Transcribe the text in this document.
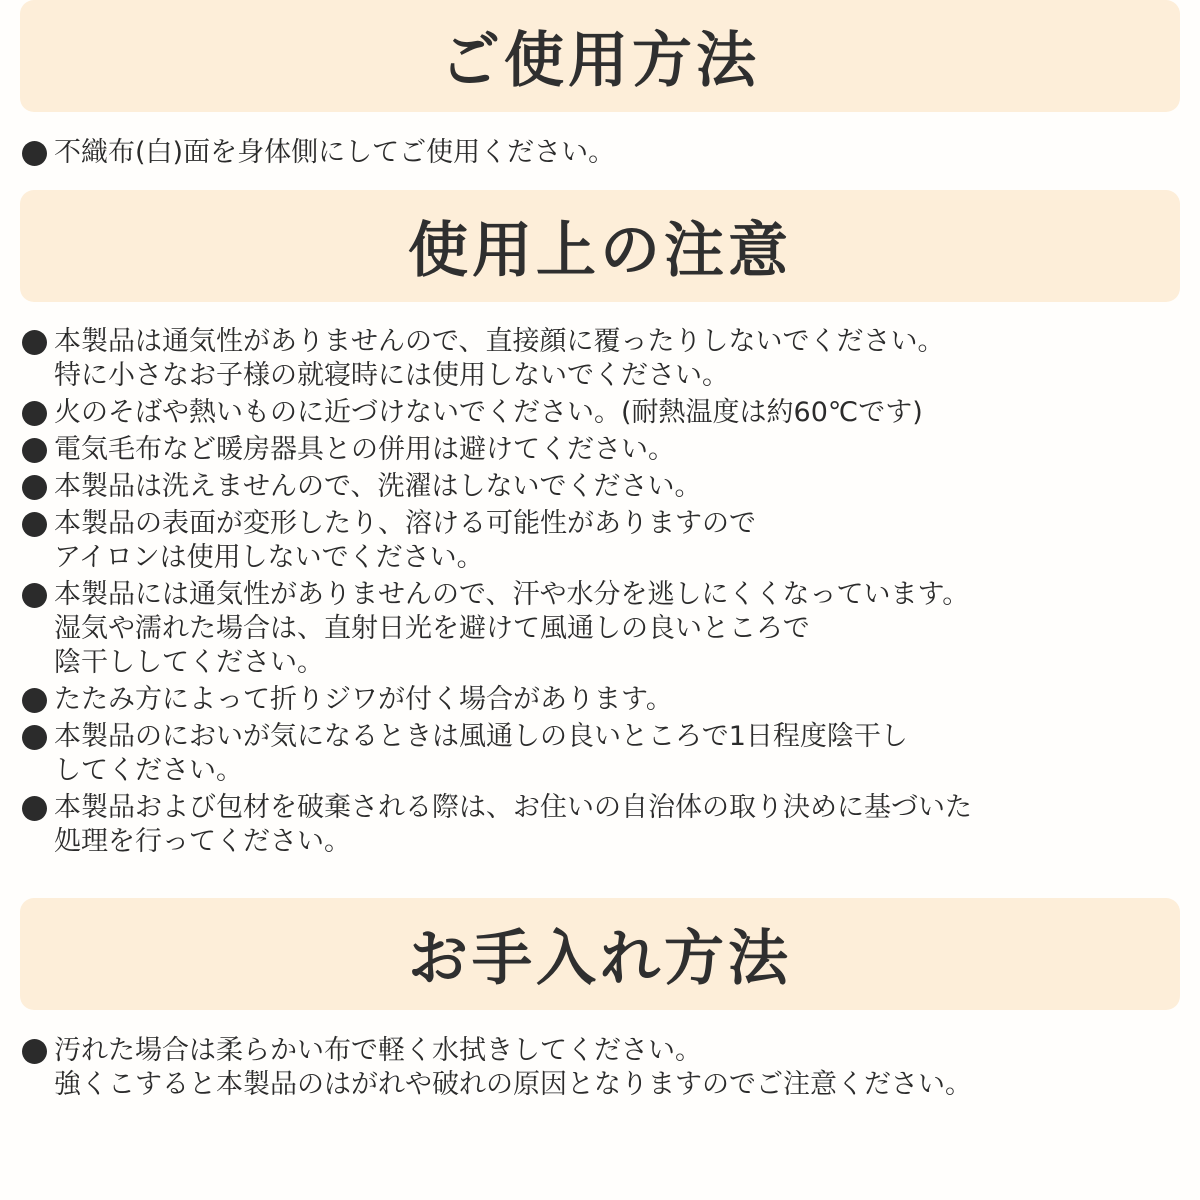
ご使用方法
不織布(白)面を身体側にしてご使用ください。
使用上の注意
本製品は通気性がありませんので、直接顔に覆ったりしないでください。
特に小さなお子様の就寝時には使用しないでください。
火のそばや熱いものに近づけないでください。(耐熱温度は約60℃です)
電気毛布など暖房器具との併用は避けてください。
本製品は洗えませんので、洗濯はしないでください。
本製品の表面が変形したり、溶ける可能性がありますので
アイロンは使用しないでください。
本製品には通気性がありませんので、汗や水分を逃しにくくなっています。
湿気や濡れた場合は、直射日光を避けて風通しの良いところで
陰干ししてください。
たたみ方によって折りジワが付く場合があります。
本製品のにおいが気になるときは風通しの良いところで1日程度陰干し
してください。
本製品および包材を破棄される際は、お住いの自治体の取り決めに基づいた
処理を行ってください。
お手入れ方法
汚れた場合は柔らかい布で軽く水拭きしてください。
強くこすると本製品のはがれや破れの原因となりますのでご注意ください。
